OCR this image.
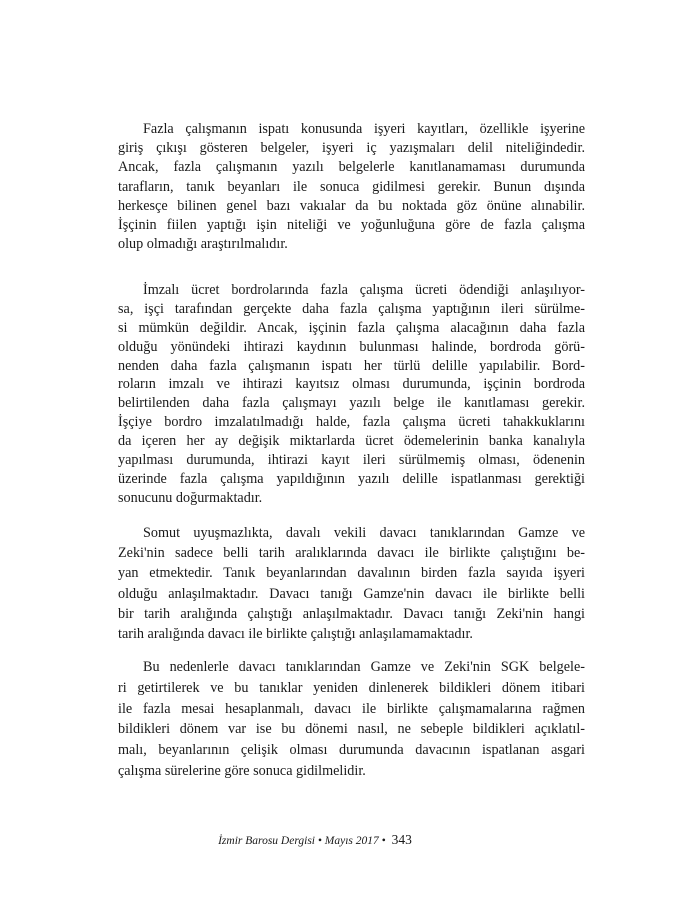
Fazla çalışmanın ispatı konusunda işyeri kayıtları, özellikle işyerine
giriş çıkışı gösteren belgeler, işyeri iç yazışmaları delil niteliğindedir.
Ancak, fazla çalışmanın yazılı belgelerle kanıtlanamaması durumunda
tarafların, tanık beyanları ile sonuca gidilmesi gerekir. Bunun dışında
herkesçe bilinen genel bazı vakıalar da bu noktada göz önüne alınabilir.
İşçinin fiilen yaptığı işin niteliği ve yoğunluğuna göre de fazla çalışma
olup olmadığı araştırılmalıdır.
İmzalı ücret bordrolarında fazla çalışma ücreti ödendiği anlaşılıyor-
sa, işçi tarafından gerçekte daha fazla çalışma yaptığının ileri sürülme-
si mümkün değildir. Ancak, işçinin fazla çalışma alacağının daha fazla
olduğu yönündeki ihtirazi kaydının bulunması halinde, bordroda görü-
nenden daha fazla çalışmanın ispatı her türlü delille yapılabilir. Bord-
roların imzalı ve ihtirazi kayıtsız olması durumunda, işçinin bordroda
belirtilenden daha fazla çalışmayı yazılı belge ile kanıtlaması gerekir.
İşçiye bordro imzalatılmadığı halde, fazla çalışma ücreti tahakkuklarını
da içeren her ay değişik miktarlarda ücret ödemelerinin banka kanalıyla
yapılması durumunda, ihtirazi kayıt ileri sürülmemiş olması, ödenenin
üzerinde fazla çalışma yapıldığının yazılı delille ispatlanması gerektiği
sonucunu doğurmaktadır.
Somut uyuşmazlıkta, davalı vekili davacı tanıklarından Gamze ve
Zeki'nin sadece belli tarih aralıklarında davacı ile birlikte çalıştığını be-
yan etmektedir. Tanık beyanlarından davalının birden fazla sayıda işyeri
olduğu anlaşılmaktadır. Davacı tanığı Gamze'nin davacı ile birlikte belli
bir tarih aralığında çalıştığı anlaşılmaktadır. Davacı tanığı Zeki'nin hangi
tarih aralığında davacı ile birlikte çalıştığı anlaşılamamaktadır.
Bu nedenlerle davacı tanıklarından Gamze ve Zeki'nin SGK belgele-
ri getirtilerek ve bu tanıklar yeniden dinlenerek bildikleri dönem itibari
ile fazla mesai hesaplanmalı, davacı ile birlikte çalışmamalarına rağmen
bildikleri dönem var ise bu dönemi nasıl, ne sebeple bildikleri açıklatıl-
malı, beyanlarının çelişik olması durumunda davacının ispatlanan asgari
çalışma sürelerine göre sonuca gidilmelidir.
İzmir Barosu Dergisi • Mayıs 2017 • 343
